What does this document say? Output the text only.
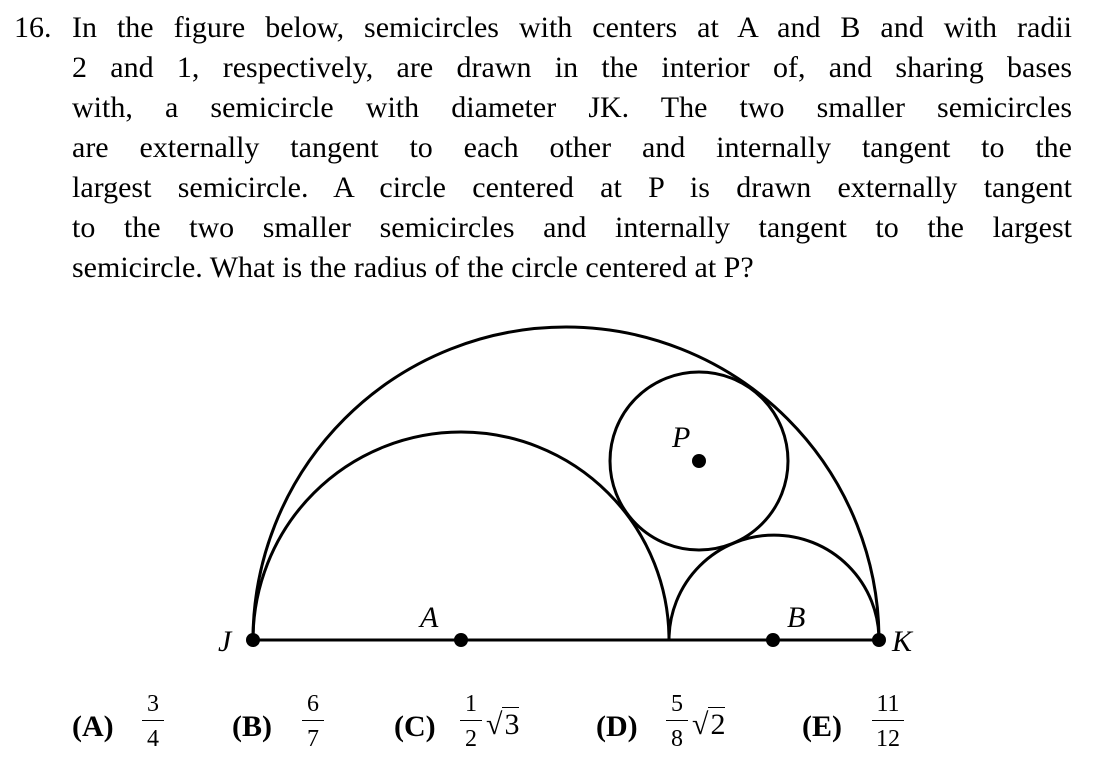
16. In the figure below, semicircles with centers at A and B and with radii
2 and 1, respectively, are drawn in the interior of, and sharing bases
with, a semicircle with diameter JK. The two smaller semicircles
are externally tangent to each other and internally tangent to the
largest semicircle. A circle centered at P is drawn externally tangent
to the two smaller semicircles and internally tangent to the largest
semicircle. What is the radius of the circle centered at P?
J
A	B
K
P
(A)
3
4	(B)
6
7	(C)
1
2 √3	(D)
5
8 √2	(E)
11
12
